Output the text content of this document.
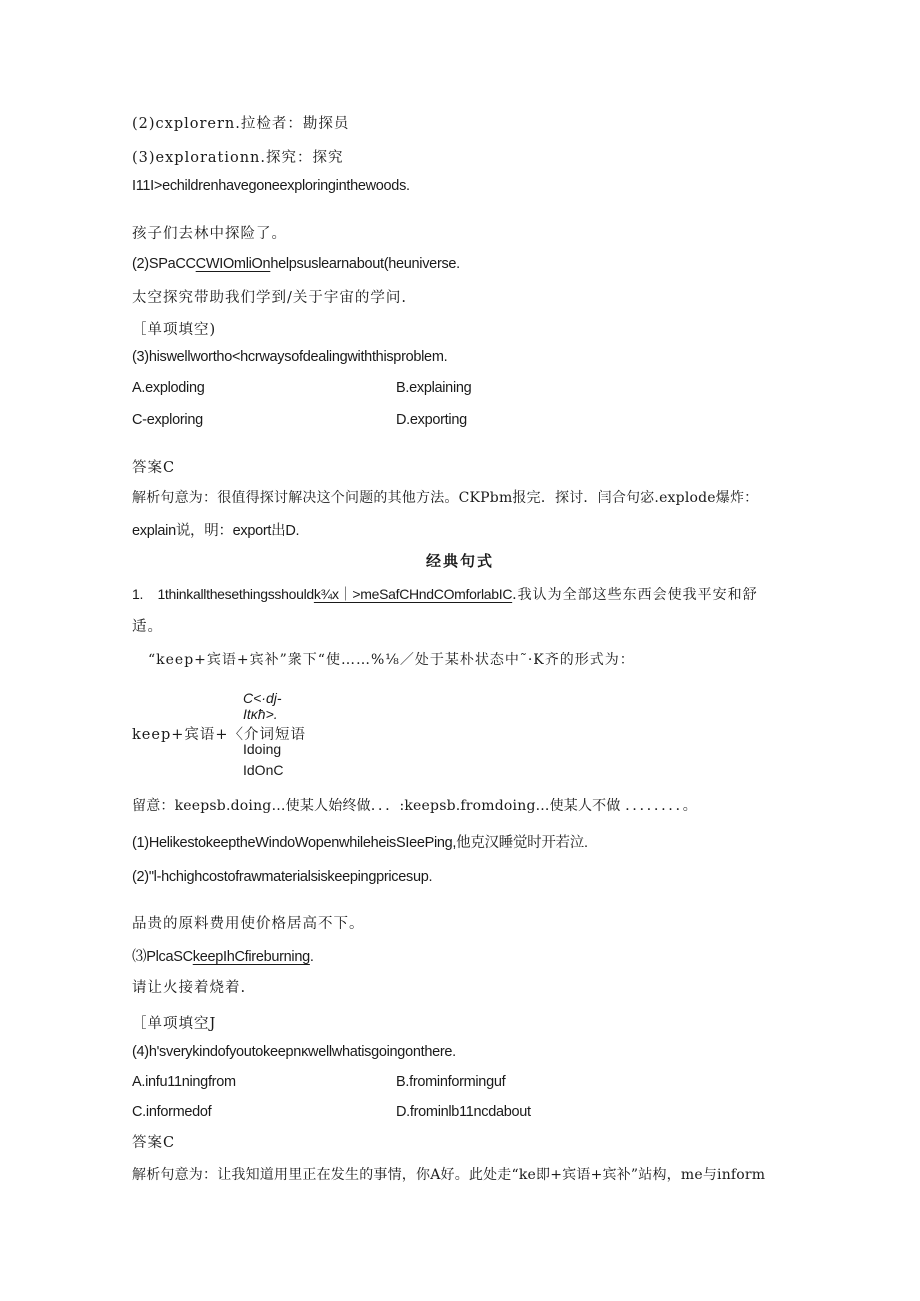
(2)cxplorern.拉检者：勘探员
(3)explorationn.探究：探究
I11I>echildrenhavegoneexploringinthewoods.
孩子们去林中探险了。
(2)SPaCCCWIOmliOnhelpsuslearnabout(heuniverse.
太空探究带助我们学到/关于宇宙的学问.
［单项填空)
(3)hiswellwortho<hcrwaysofdealingwiththisproblem.
A.exploding	B.explaining
C-exploring	D.exporting
答案C
解析句意为：很值得探讨解决这个问题的其他方法。CKPbm报完．探讨．闫合句宓.explode爆炸：
explain说，明：export出D.
经典句式
1. 1thinkallthesethingsshouldk¾x｜>meSafCHndCOmforlabIC.我认为全部这些东西会使我平安和舒
适。
“keep+宾语+宾补”衆下“使……%⅛／处于某朴状态中˜·K齐的形式为：
C<·dj-
Itκħ>.
keep+宾语+〈介词短语
Idoing
IdOnC
留意：keepsb.doing…使某人始终做．．．:keepsb.fromdoing...使某人不做 ．．．．．．．．。
(1)HelikestokeeptheWindoWopenwhileheisSIeePing,他克汉睡觉时开若泣.
(2)"l-hchighcostofrawmaterialsiskeepingpricesup.
品贵的原料费用使价格居高不下。
⑶PlcaSCkeepIhCfireburning.
请让火接着烧着.
［单项填空J
(4)h'sverykindofyoutokeepnκwellwhatisgoingonthere.
A.infu11ningfrom	B.frominforminguf
C.informedof	D.frominlb11ncdabout
答案C
解析句意为：让我知道用里正在发生的事情，你A好。此处走“ke即+宾语+宾补”站构，me与inform
